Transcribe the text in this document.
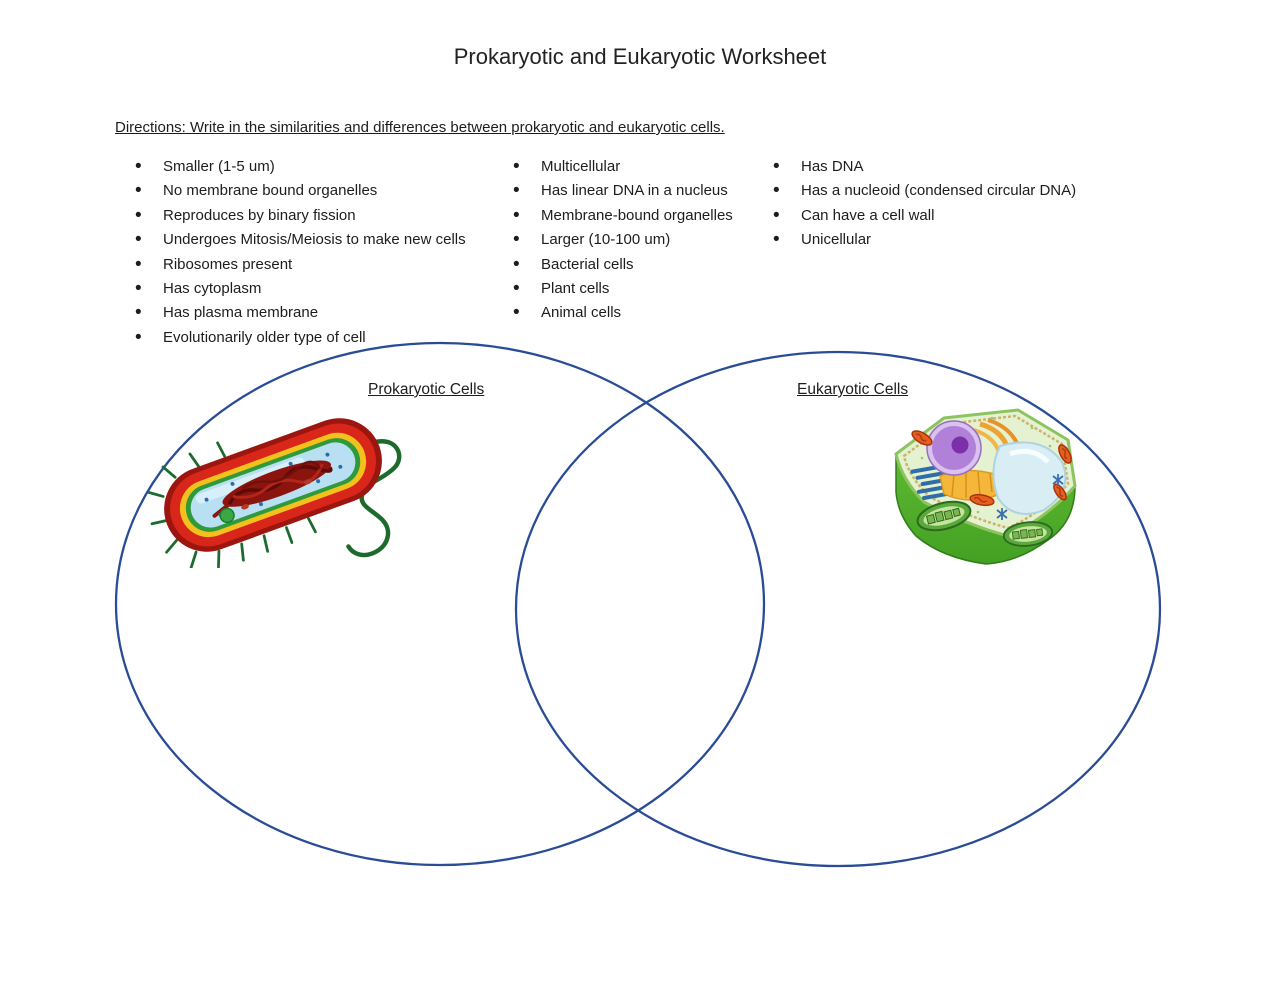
Prokaryotic and Eukaryotic Worksheet

Directions: Write in the similarities and differences between prokaryotic and eukaryotic cells.

• Smaller (1-5 um)
• No membrane bound organelles
• Reproduces by binary fission
• Undergoes Mitosis/Meiosis to make new cells
• Ribosomes present
• Has cytoplasm
• Has plasma membrane
• Evolutionarily older type of cell
• Multicellular
• Has linear DNA in a nucleus
• Membrane-bound organelles
• Larger (10-100 um)
• Bacterial cells
• Plant cells
• Animal cells
• Has DNA
• Has a nucleoid (condensed circular DNA)
• Can have a cell wall
• Unicellular
Prokaryotic Cells	Eukaryotic Cells
